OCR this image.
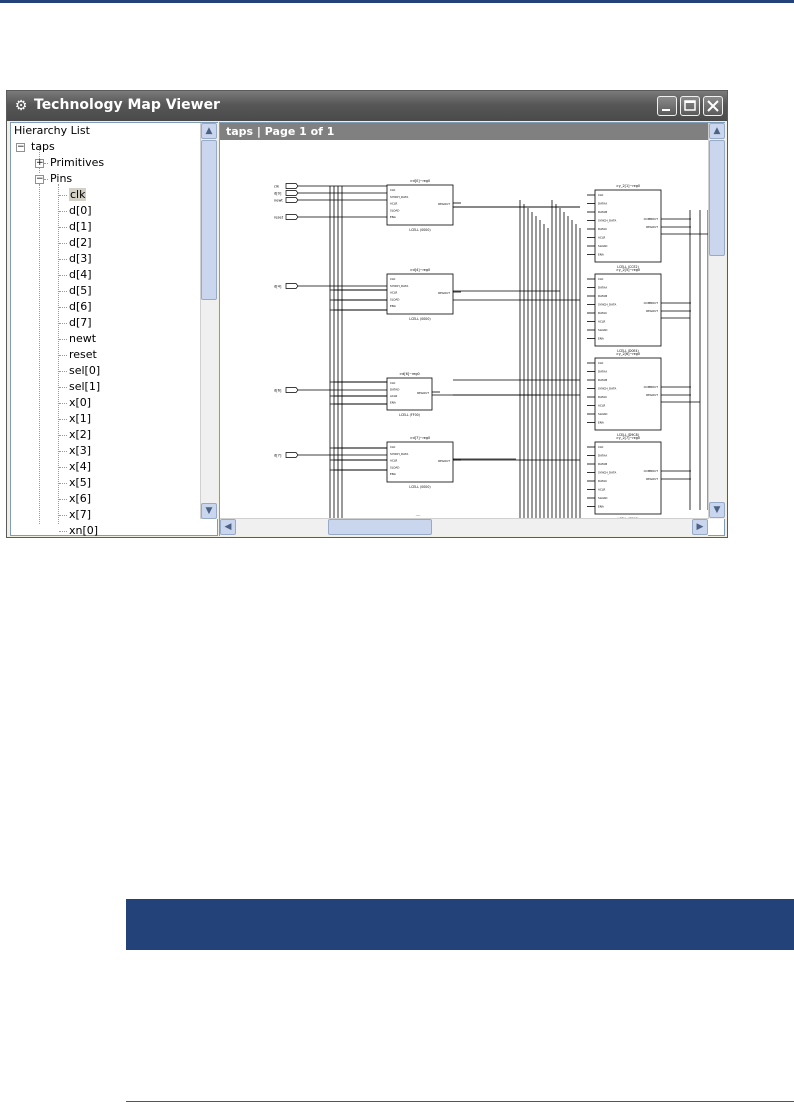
⚙ Technology Map Viewer
Hierarchy List
− taps
+ Primitives
− Pins
clk
d[0]
d[1]
d[2]
d[3]
d[4]
d[5]
d[6]
d[7]
newt
reset
sel[0]
sel[1]
x[0]
x[1]
x[2]
x[3]
x[4]
x[5]
x[6]
x[7]
xn[0]
▲
▼
taps | Page 1 of 1
clk
d[0]
newt
reset
d[4]
d[6]
d[7]
>d[0]~reg0
CLK
SYNCH_DATA
ACLR
SLOAD
ENA
REGOUT
LCELL (0000)
>d[4]~reg0
CLK
SYNCH_DATA
ACLR
SLOAD
ENA
REGOUT
LCELL (0000)
>d[6]~reg0
CLK
DATAD
ACLR
ENA
REGOUT
LCELL (FF00)
>d[7]~reg0
CLK
SYNCH_DATA
ACLR
SLOAD
ENA
REGOUT
LCELL (0000)
>y_2[1]~reg0
CLK
DATAA
DATAB
SYNCH_DATA
DATAC
ACLR
SLOAD
ENA
COMBOUT
REGOUT
LCELL (CCE2)
>y_2[5]~reg0
CLK
DATAA
DATAB
SYNCH_DATA
DATAC
ACLR
SLOAD
ENA
COMBOUT
REGOUT
LCELL (D0E4)
>y_2[6]~reg0
CLK
DATAA
DATAB
SYNCH_DATA
DATAC
ACLR
SLOAD
ENA
COMBOUT
REGOUT
LCELL (D9C8)
>y_2[7]~reg0
CLK
DATAA
DATAB
SYNCH_DATA
DATAC
ACLR
SLOAD
ENA
COMBOUT
REGOUT
....
▲
▼
◀	▶
